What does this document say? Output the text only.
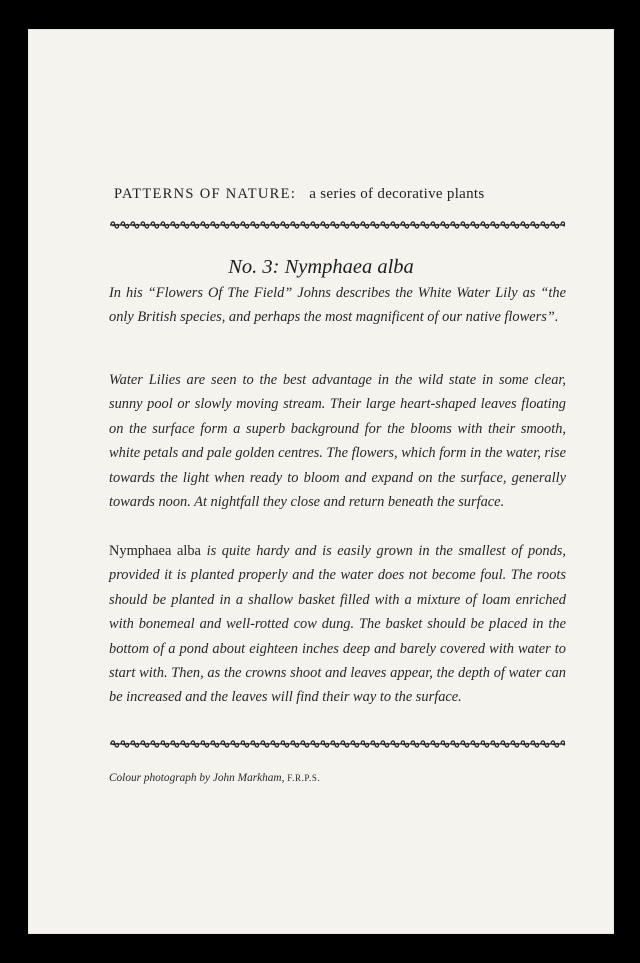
PATTERNS OF NATURE: a series of decorative plants
No. 3: Nymphaea alba

In his “Flowers Of The Field” Johns describes the White Water Lily as “the only British species, and perhaps the most magnificent of our native flowers”.

Water Lilies are seen to the best advantage in the wild state in some clear, sunny pool or slowly moving stream. Their large heart-shaped leaves floating on the surface form a superb background for the blooms with their smooth, white petals and pale golden centres. The flowers, which form in the water, rise towards the light when ready to bloom and expand on the surface, generally towards noon. At nightfall they close and return beneath the surface.

Nymphaea alba is quite hardy and is easily grown in the smallest of ponds, provided it is planted properly and the water does not become foul. The roots should be planted in a shallow basket filled with a mixture of loam enriched with bonemeal and well-rotted cow dung. The basket should be placed in the bottom of a pond about eighteen inches deep and barely covered with water to start with. Then, as the crowns shoot and leaves appear, the depth of water can be increased and the leaves will find their way to the surface.

Colour photograph by John Markham, F.R.P.S.
